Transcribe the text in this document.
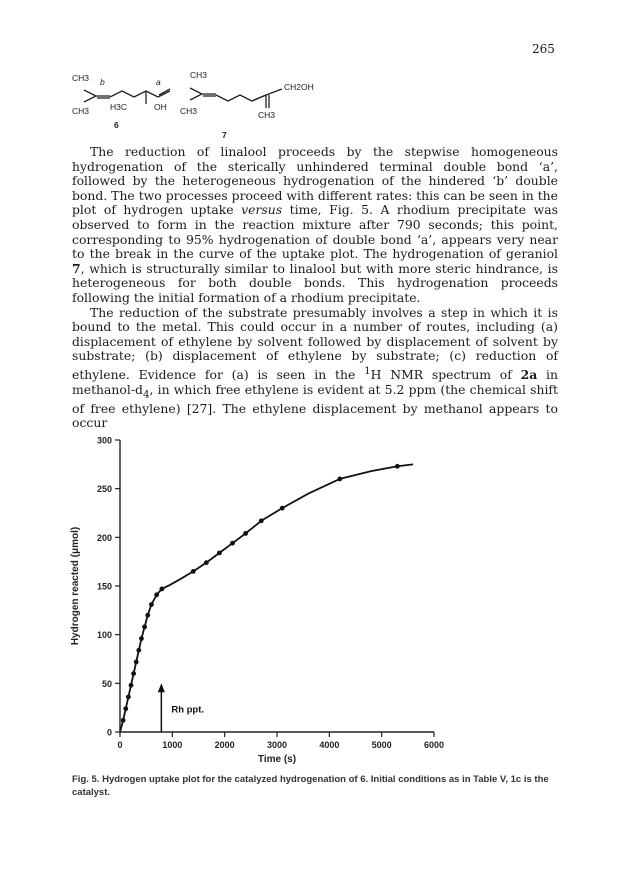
265
CH3 b	a
CH3 H3C	OH
6
CH3
CH2OH
CH3	CH3
7

The reduction of linalool proceeds by the stepwise homogeneous hydrogenation of the sterically unhindered terminal double bond ‘a’, followed by the heterogeneous hydrogenation of the hindered ‘b’ double bond. The two processes proceed with different rates: this can be seen in the plot of hydrogen uptake versus time, Fig. 5. A rhodium precipitate was observed to form in the reaction mixture after 790 seconds; this point, corresponding to 95% hydrogenation of double bond ‘a’, appears very near to the break in the curve of the uptake plot. The hydrogenation of geraniol 7, which is structurally similar to linalool but with more steric hindrance, is heterogeneous for both double bonds. This hydrogenation proceeds following the initial formation of a rhodium precipitate.

The reduction of the substrate presumably involves a step in which it is bound to the metal. This could occur in a number of routes, including (a) displacement of ethylene by solvent followed by displacement of solvent by substrate; (b) displacement of ethylene by substrate; (c) reduction of ethylene. Evidence for (a) is seen in the $^1$H NMR spectrum of 2a in methanol-$d_4$, in which free ethylene is evident at 5.2 ppm (the chemical shift of free ethylene) [27]. The ethylene displacement by methanol appears to occur

0
50
100
150
200
250
300
0	1000	2000	3000	4000	5000	6000
Time (s)
Hydrogen reacted (μmol)
Rh ppt.
Fig. 5. Hydrogen uptake plot for the catalyzed hydrogenation of 6. Initial conditions as in Table V, 1c is the catalyst.
